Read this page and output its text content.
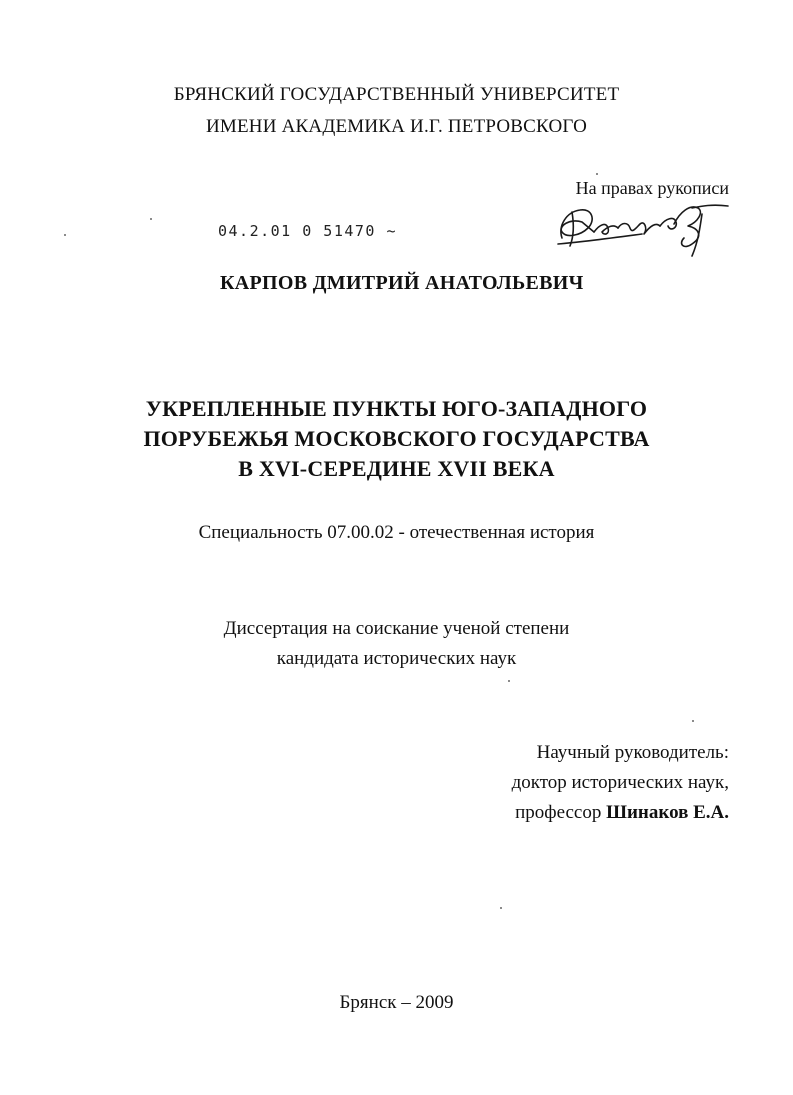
БРЯНСКИЙ ГОСУДАРСТВЕННЫЙ УНИВЕРСИТЕТ

ИМЕНИ АКАДЕМИКА И.Г. ПЕТРОВСКОГО

На правах рукописи

04.2.01 0 51470 ~

КАРПОВ ДМИТРИЙ АНАТОЛЬЕВИЧ

УКРЕПЛЕННЫЕ ПУНКТЫ ЮГО-ЗАПАДНОГО

ПОРУБЕЖЬЯ МОСКОВСКОГО ГОСУДАРСТВА

В XVI-СЕРЕДИНЕ XVII ВЕКА

Специальность 07.00.02 - отечественная история

Диссертация на соискание ученой степени

кандидата исторических наук

Научный руководитель:

доктор исторических наук,

профессор Шинаков Е.А.

Брянск – 2009
